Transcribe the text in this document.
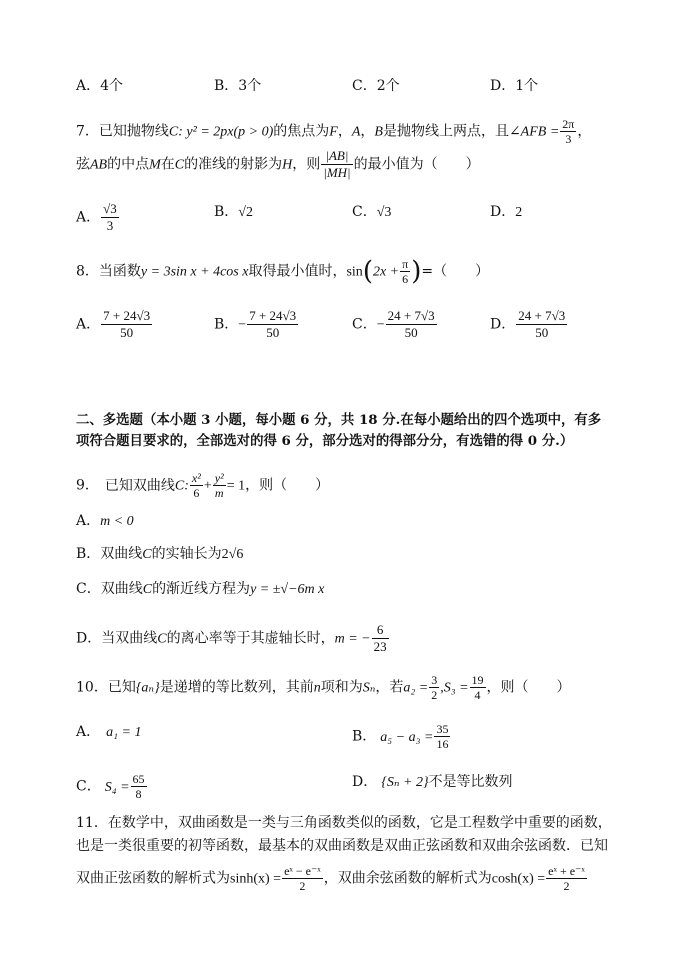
A．4个	B．3个	C．2个	D．1个
7．已知抛物线C: y² = 2px(p > 0)的焦点为F，A，B是抛物线上两点，且∠AFB = $\frac{2\pi}{3}$ ，
弦AB的中点M在C的准线的射影为H，则 $\frac{|AB|}{|MH|}$ 的最小值为（　　）
A． $\frac{√3}{3}$	B．√2	C．√3	D．2
8．当函数y = 3sin x + 4cos x取得最小值时，$\sin(2x + \frac{\pi}{6}$ )=（　　）
A． $\frac{7 + 24√3}{50}$	B．− $\frac{7 + 24√3}{50}$	C．− $\frac{24 + 7√3}{50}$	D． $\frac{24 + 7√3}{50}$
二、多选题（本小题 3 小题，每小题 6 分，共 18 分.在每小题给出的四个选项中，有多
项符合题目要求的，全部选对的得 6 分，部分选对的得部分分，有选错的得 0 分.）
9． 已知双曲线C: $\frac{\text{x²}}{6} + \frac{\text{y²}}{m} = 1$，则（　　）
A．m < 0
B．双曲线C的实轴长为2√6
C．双曲线C的渐近线方程为y = ±√−6m x
D．当双曲线C的离心率等于其虚轴长时，m = − $\frac{6}{23}$
10．已知{aₙ}是递增的等比数列，其前n项和为Sₙ，若$a_2 = \frac{3}{2} ,S_3 = \frac{19}{4}$ ，则（　　）
A． a₁ = 1	B． $a_5 - a_3 = \frac{35}{16}$
C． $S_4 = \frac{65}{8}$	D． {Sₙ + 2}不是等比数列
11．在数学中，双曲函数是一类与三角函数类似的函数，它是工程数学中重要的函数，
也是一类很重要的初等函数，最基本的双曲函数是双曲正弦函数和双曲余弦函数．已知
双曲正弦函数的解析式为$\sinh(x) = \frac{\text{eˣ − e⁻ˣ}}{2}$ ，双曲余弦函数的解析式为$\cosh(x) = \frac{\text{eˣ + e⁻ˣ}}{2}$
